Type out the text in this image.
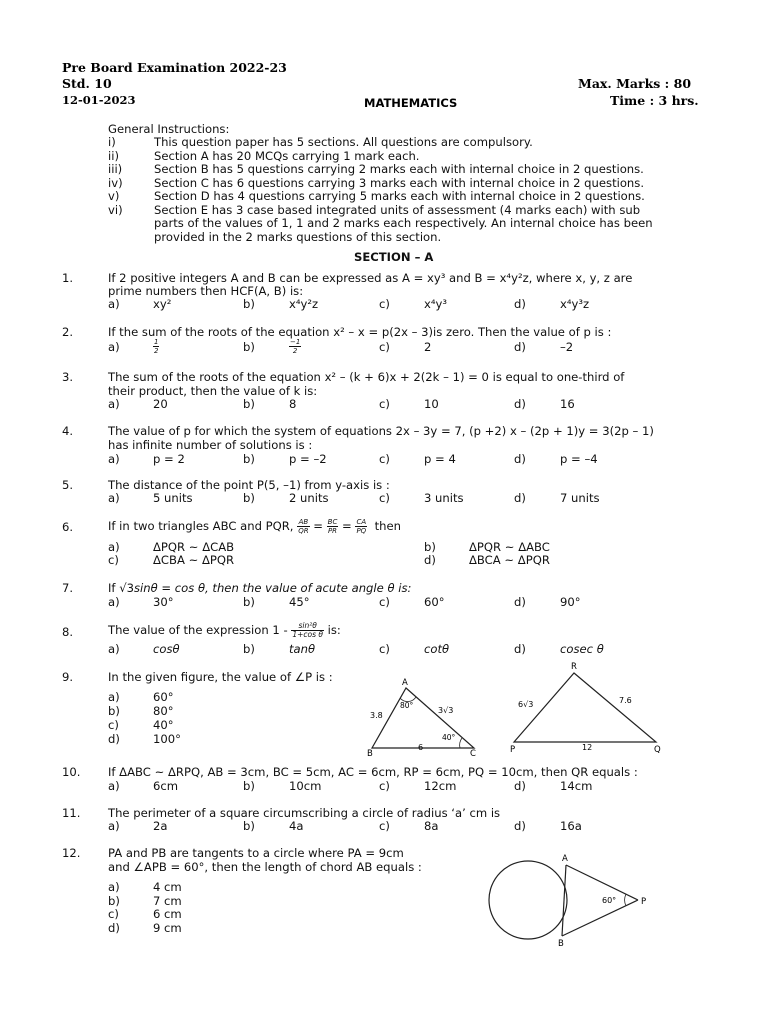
Pre Board Examination 2022-23
Std. 10
12-01-2023	MATHEMATICS
Max. Marks : 80
Time : 3 hrs.
General Instructions:
i)	This question paper has 5 sections. All questions are compulsory.
ii)	Section A has 20 MCQs carrying 1 mark each.
iii)	Section B has 5 questions carrying 2 marks each with internal choice in 2 questions.
iv)	Section C has 6 questions carrying 3 marks each with internal choice in 2 questions.
v)	Section D has 4 questions carrying 5 marks each with internal choice in 2 questions.
vi)	Section E has 3 case based integrated units of assessment (4 marks each) with sub
parts of the values of 1, 1 and 2 marks each respectively. An internal choice has been
provided in the 2 marks questions of this section.
SECTION – A
1.	If 2 positive integers A and B can be expressed as A = xy³ and B = x⁴y²z, where x, y, z are
prime numbers then HCF(A, B) is:
a)	xy²	b)	x⁴y²z	c)	x⁴y³	d)	x⁴y³z
2.	If the sum of the roots of the equation x² – x = p(2x – 3)is zero. Then the value of p is :
a)	$\frac{1}{2}$	b)	$\frac{-1}{2}$	c)	2	d)	–2
3.	The sum of the roots of the equation x² – (k + 6)x + 2(2k – 1) = 0 is equal to one-third of
their product, then the value of k is:
a)	20	b)	8	c)	10	d)	16
4.	The value of p for which the system of equations 2x – 3y = 7, (p +2) x – (2p + 1)y = 3(2p – 1)
has infinite number of solutions is :
a)	p = 2	b)	p = –2	c)	p = 4	d)	p = –4
5.	The distance of the point P(5, –1) from y-axis is :
a)	5 units	b)	2 units	c)	3 units	d)	7 units
6.	If in two triangles ABC and PQR, $\frac{AB}{QR} = \frac{BC}{PR} = \frac{CA}{PQ}$ then
a)	ΔPQR ~ ΔCAB	b)	ΔPQR ~ ΔABC
c)	ΔCBA ~ ΔPQR	d)	ΔBCA ~ ΔPQR
7.	If √3sinθ = cos θ, then the value of acute angle θ is:
a)	30°	b)	45°	c)	60°	d)	90°
8.	The value of the expression $1 - \frac{\text{sin²θ}}{\text{1+cos θ}}$ is:
a)	cosθ	b)	tanθ	c)	cotθ	d)	cosec θ
9.	In the given figure, the value of ∠P is :
a)	60°
b)	80°
c)	40°
d)	100°
A
B	C
3.8
80°
3√3
40°
6
R
P	Q
6√3	7.6
12
10. If ΔABC ~ ΔRPQ, AB = 3cm, BC = 5cm, AC = 6cm, RP = 6cm, PQ = 10cm, then QR equals :
a)	6cm	b)	10cm	c)	12cm	d)	14cm
11. The perimeter of a square circumscribing a circle of radius ‘a’ cm is
a)	2a	b)	4a	c)	8a	d)	16a
12. PA and PB are tangents to a circle where PA = 9cm
and ∠APB = 60°, then the length of chord AB equals :
a)	4 cm
b)	7 cm
c)	6 cm
d)	9 cm
A
B
P
60°
